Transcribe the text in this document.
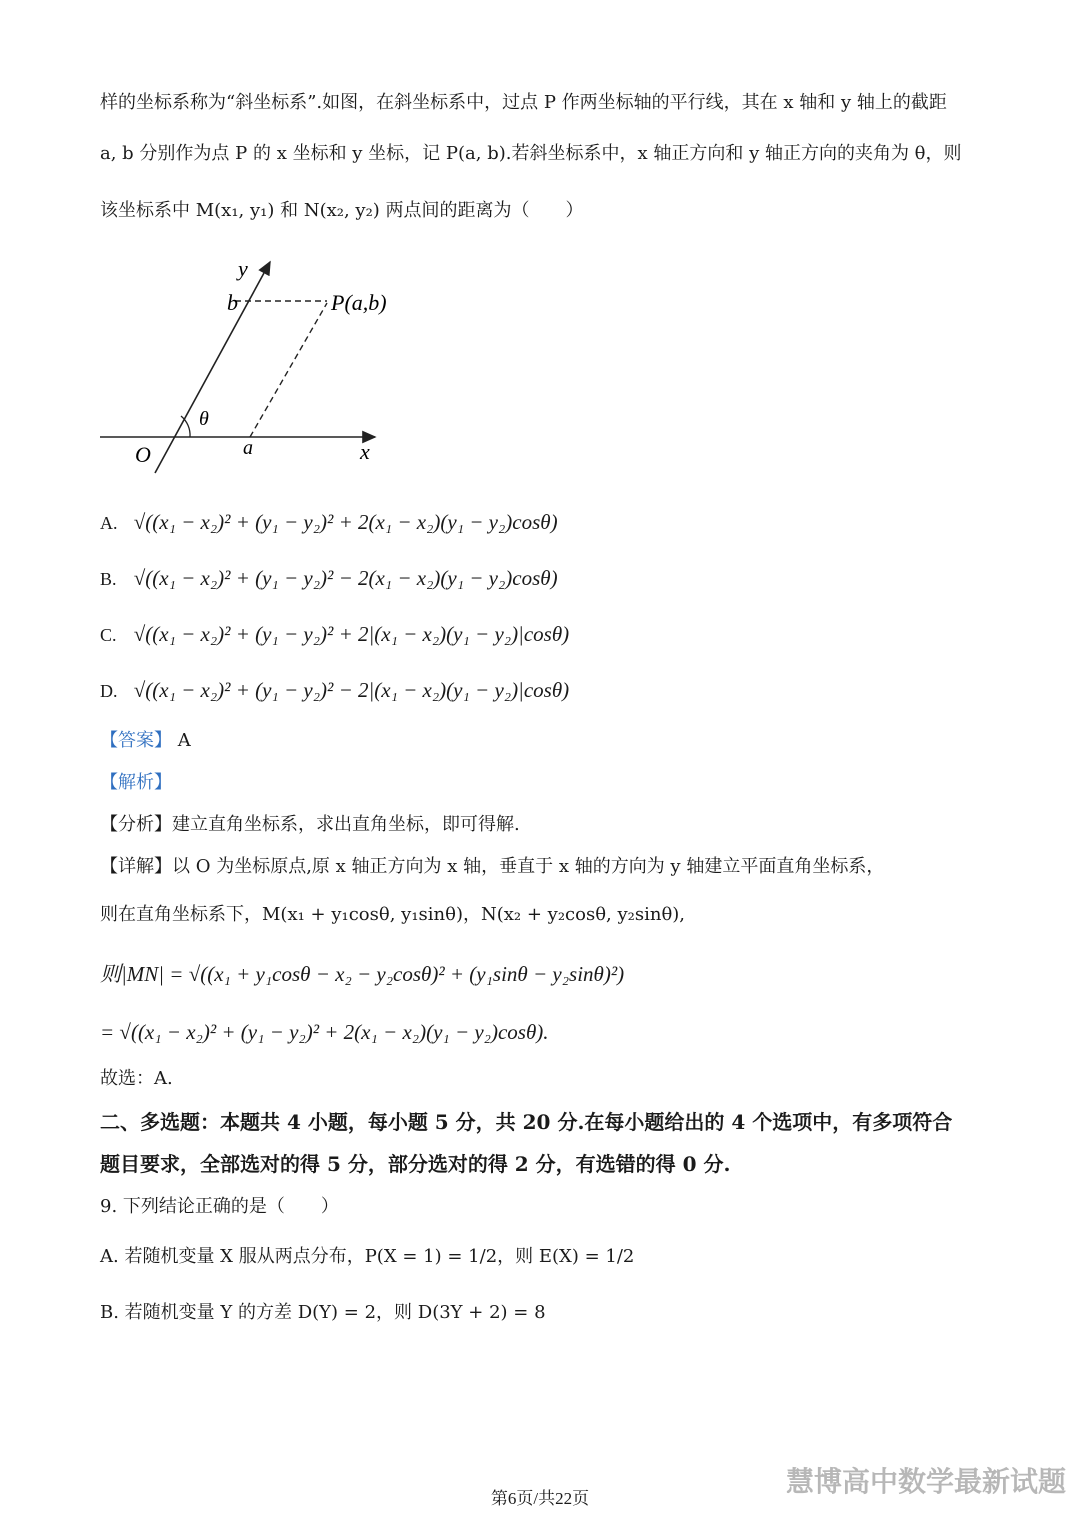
样的坐标系称为“斜坐标系”.如图，在斜坐标系中，过点 P 作两坐标轴的平行线，其在 x 轴和 y 轴上的截距
a, b 分别作为点 P 的 x 坐标和 y 坐标，记 P(a, b).若斜坐标系中，x 轴正方向和 y 轴正方向的夹角为 θ，则
该坐标系中 M(x₁, y₁) 和 N(x₂, y₂) 两点间的距离为（　　）
y
b	P(a,b)
θ
O	a	x
A. √((x₁ − x₂)² + (y₁ − y₂)² + 2(x₁ − x₂)(y₁ − y₂)cosθ)
B. √((x₁ − x₂)² + (y₁ − y₂)² − 2(x₁ − x₂)(y₁ − y₂)cosθ)
C. √((x₁ − x₂)² + (y₁ − y₂)² + 2|(x₁ − x₂)(y₁ − y₂)|cosθ)
D. √((x₁ − x₂)² + (y₁ − y₂)² − 2|(x₁ − x₂)(y₁ − y₂)|cosθ)
【答案】 A
【解析】
【分析】建立直角坐标系，求出直角坐标，即可得解.
【详解】以 O 为坐标原点,原 x 轴正方向为 x 轴，垂直于 x 轴的方向为 y 轴建立平面直角坐标系，
则在直角坐标系下，M(x₁ + y₁cosθ, y₁sinθ)，N(x₂ + y₂cosθ, y₂sinθ),
则|MN| = √((x₁ + y₁cosθ − x₂ − y₂cosθ)² + (y₁sinθ − y₂sinθ)²)
= √((x₁ − x₂)² + (y₁ − y₂)² + 2(x₁ − x₂)(y₁ − y₂)cosθ).
故选：A.
二、多选题：本题共 4 小题，每小题 5 分，共 20 分.在每小题给出的 4 个选项中，有多项符合
题目要求，全部选对的得 5 分，部分选对的得 2 分，有选错的得 0 分.
9. 下列结论正确的是（　　）
A. 若随机变量 X 服从两点分布，P(X = 1) = 1/2，则 E(X) = 1/2
B. 若随机变量 Y 的方差 D(Y) = 2，则 D(3Y + 2) = 8
慧博高中数学最新试题
第6页/共22页
